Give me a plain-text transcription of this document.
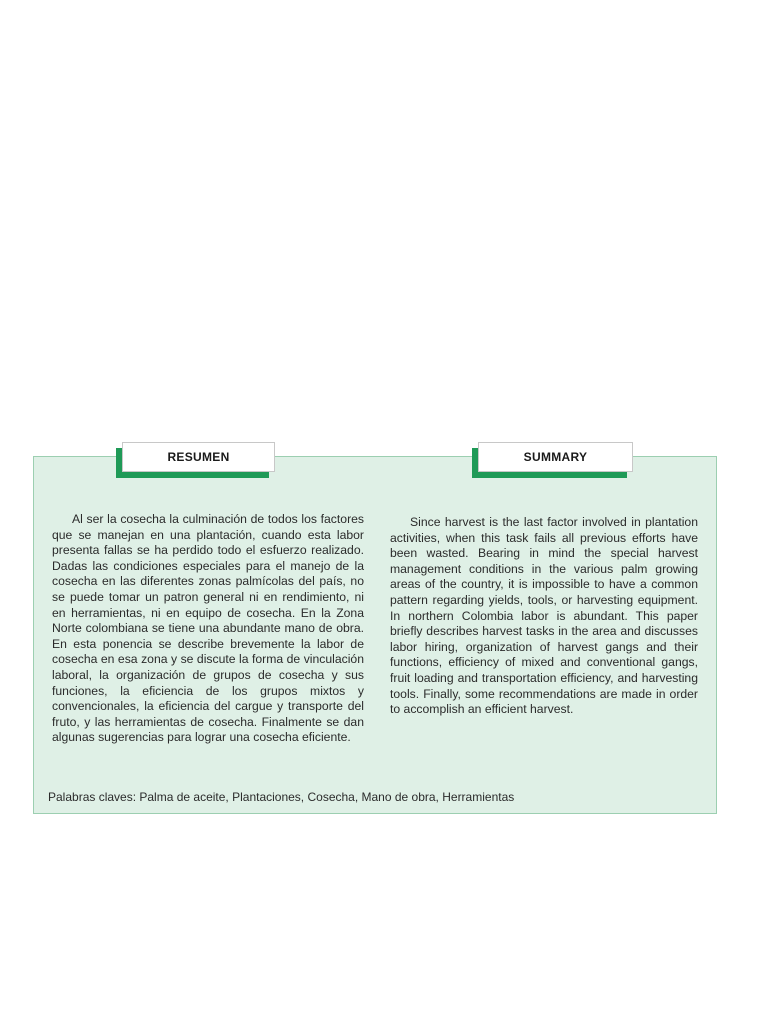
RESUMEN	SUMMARY

Al ser la cosecha la culminación de todos los factores que se manejan en una plantación, cuando esta labor presenta fallas se ha perdido todo el esfuerzo realizado. Dadas las condiciones especiales para el manejo de la cosecha en las diferentes zonas palmícolas del país, no se puede tomar un patron general ni en rendimiento, ni en herramientas, ni en equipo de cosecha. En la Zona Norte colombiana se tiene una abundante mano de obra. En esta ponencia se describe brevemente la labor de cosecha en esa zona y se discute la forma de vinculación laboral, la organización de grupos de cosecha y sus funciones, la eficiencia de los grupos mixtos y convencionales, la eficiencia del cargue y transporte del fruto, y las herramientas de cosecha. Finalmente se dan algunas sugerencias para lograr una cosecha eficiente.

Since harvest is the last factor involved in plantation activities, when this task fails all previous efforts have been wasted. Bearing in mind the special harvest management conditions in the various palm growing areas of the country, it is impossible to have a common pattern regarding yields, tools, or harvesting equipment. In northern Colombia labor is abundant. This paper briefly describes harvest tasks in the area and discusses labor hiring, organization of harvest gangs and their functions, efficiency of mixed and conventional gangs, fruit loading and transportation efficiency, and harvesting tools. Finally, some recommendations are made in order to accomplish an efficient harvest.

Palabras claves: Palma de aceite, Plantaciones, Cosecha, Mano de obra, Herramientas
